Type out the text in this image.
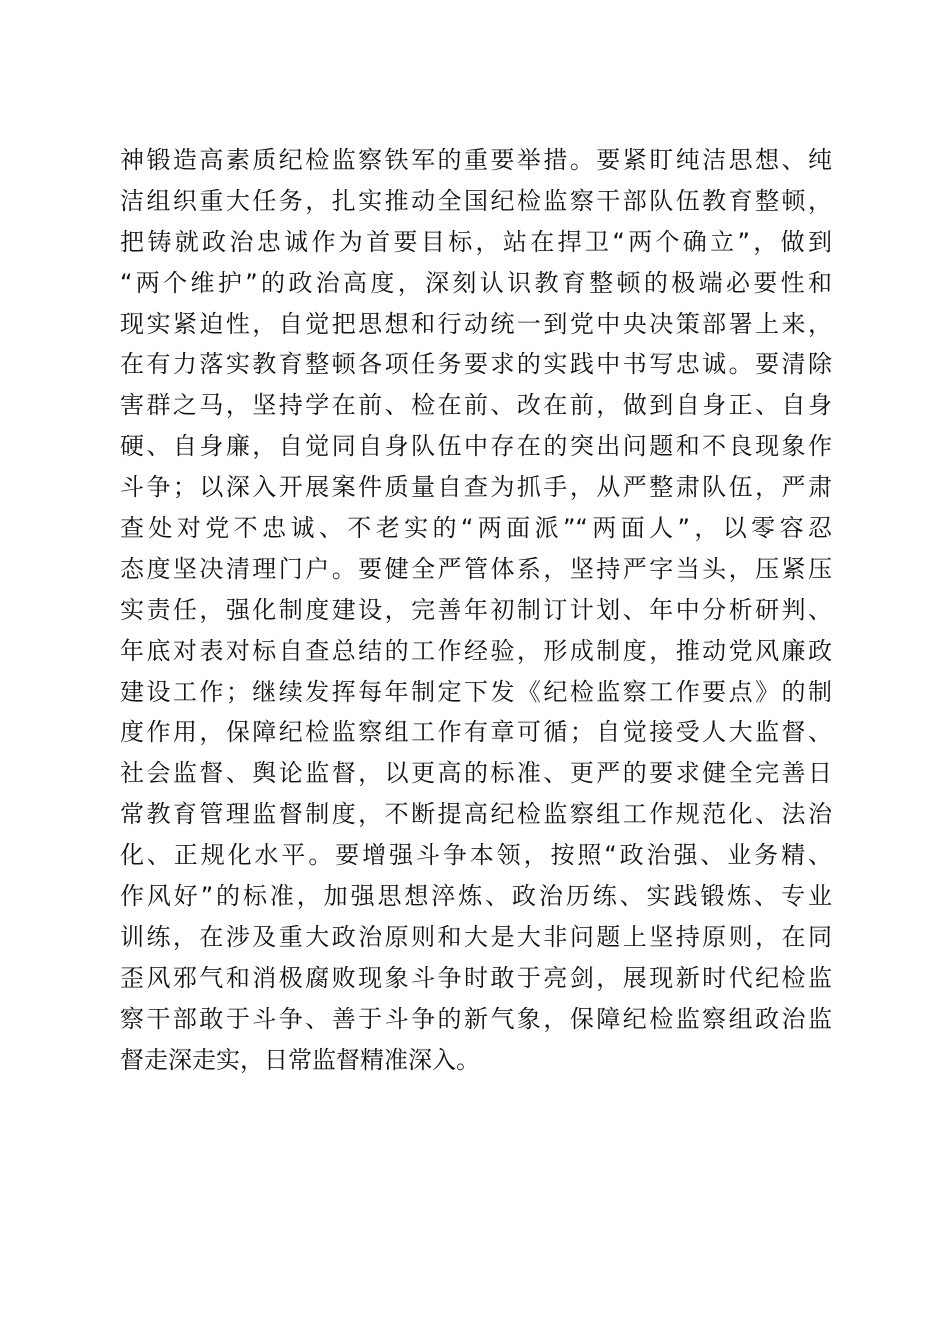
神锻造高素质纪检监察铁军的重要举措。要紧盯纯洁思想、纯
洁组织重大任务，扎实推动全国纪检监察干部队伍教育整顿，
把铸就政治忠诚作为首要目标，站在捍卫“两个确立”，做到
“两个维护”的政治高度，深刻认识教育整顿的极端必要性和
现实紧迫性，自觉把思想和行动统一到党中央决策部署上来，
在有力落实教育整顿各项任务要求的实践中书写忠诚。要清除
害群之马，坚持学在前、检在前、改在前，做到自身正、自身
硬、自身廉，自觉同自身队伍中存在的突出问题和不良现象作
斗争；以深入开展案件质量自查为抓手，从严整肃队伍，严肃
查处对党不忠诚、不老实的“两面派”“两面人”，以零容忍
态度坚决清理门户。要健全严管体系，坚持严字当头，压紧压
实责任，强化制度建设，完善年初制订计划、年中分析研判、
年底对表对标自查总结的工作经验，形成制度，推动党风廉政
建设工作；继续发挥每年制定下发《纪检监察工作要点》的制
度作用，保障纪检监察组工作有章可循；自觉接受人大监督、
社会监督、舆论监督，以更高的标准、更严的要求健全完善日
常教育管理监督制度，不断提高纪检监察组工作规范化、法治
化、正规化水平。要增强斗争本领，按照“政治强、业务精、
作风好”的标准，加强思想淬炼、政治历练、实践锻炼、专业
训练，在涉及重大政治原则和大是大非问题上坚持原则，在同
歪风邪气和消极腐败现象斗争时敢于亮剑，展现新时代纪检监
察干部敢于斗争、善于斗争的新气象，保障纪检监察组政治监
督走深走实，日常监督精准深入。
